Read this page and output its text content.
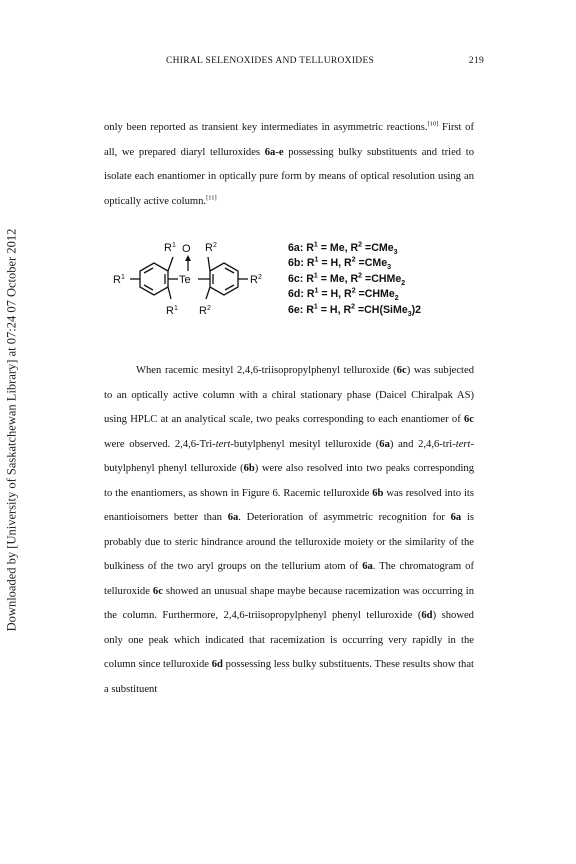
CHIRAL SELENOXIDES AND TELLUROXIDES	219
Downloaded by [University of Saskatchewan Library] at 07:24 07 October 2012

only been reported as transient key intermediates in asymmetric reactions.[10] First of all, we prepared diaryl telluroxides 6a-e possessing bulky substituents and tried to isolate each enantiomer in optically pure form by means of optical resolution using an optically active column.[11]

$R^1$ O $R^2$
$R^1$	Te	$R^2$
$R^1$ $R^2$
6a: $R^1 = Me$, $R^2 =CMe_3$
6b: $R^1 = H$, $R^2 =CMe_3$
6c: $R^1 = Me$, $R^2$ =CHMe$_2$
6d: $R^1 = H$, $R^2$ =CHMe$_2$
6e: $R^1 = H$, $R^2$ =CH(SiMe$_3$)2

When racemic mesityl 2,4,6-triisopropylphenyl telluroxide (6c) was subjected to an optically active column with a chiral stationary phase (Daicel Chiralpak AS) using HPLC at an analytical scale, two peaks corresponding to each enantiomer of 6c were observed. 2,4,6-Tri-tert-butylphenyl mesityl telluroxide (6a) and 2,4,6-tri-tert-butylphenyl phenyl telluroxide (6b) were also resolved into two peaks corresponding to the enantiomers, as shown in Figure 6. Racemic telluroxide 6b was resolved into its enantioisomers better than 6a. Deterioration of asymmetric recognition for 6a is probably due to steric hindrance around the telluroxide moiety or the similarity of the bulkiness of the two aryl groups on the tellurium atom of 6a. The chromatogram of telluroxide 6c showed an unusual shape maybe because racemization was occurring in the column. Furthermore, 2,4,6-triisopropylphenyl phenyl telluroxide (6d) showed only one peak which indicated that racemization is occurring very rapidly in the column since telluroxide 6d possessing less bulky substituents. These results show that a substituent
